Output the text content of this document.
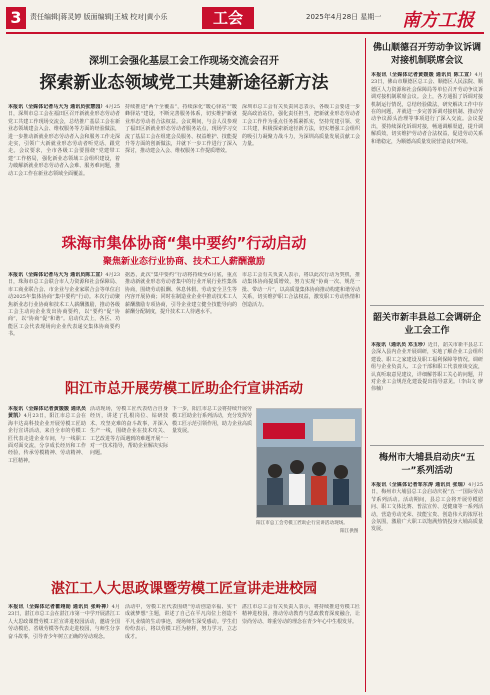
3	责任编辑|蒋灵婷 版面编辑|王城 校对|黄小乐	工会	2025年4月28日 星期一 南方工报
深圳工会强化基层工会工作现场交流会召开
探索新业态领域党工共建新途径新方法

本报讯（全媒体记者马大为 通讯员张慧园）4月25日，深圳市总工会在福田区召开新就业形态劳动者党工共建工作现场交流会，总结推广基层工会在新业态领域建会入会、维权服务等方面的经验做法，进一步推动新就业形态劳动者入会和服务工作走深走实，引领广大新就业形态劳动者听党话、跟党走。会议要求，全市各级工会要围绕“党建带工建”工作格局，强化新业态领域工会组织建设，着力破解新就业形态劳动者入会难、服务难问题，推动工会工作在新业态领域全面覆盖。

持续推进“两个全覆盖”，持续深化“暖心驿站”“暖蜂驿站”建设，不断完善服务体系，切实维护新就业形态劳动者合法权益。会议期间，与会人员参观了福田区新就业形态劳动者服务站点，现场学习交流了基层工会在组建会员服务、权益维护、技能提升等方面的创新做法，并就下一步工作进行了深入探讨，推动建会入会、维权服务工作提质增效。

深圳市总工会有关负责同志表示，各级工会要进一步提高政治站位，强化责任担当，把新就业形态劳动者工会工作作为重点任务抓紧抓实，坚持党建引领、党工共建，积极探索新途径新方法，切实增强工会组织的吸引力凝聚力战斗力，为深圳高质量发展贡献工会力量。

珠海市集体协商“集中要约”行动启动
聚焦新业态行业协商、技术工人薪酬激励

本报讯（全媒体记者马大为 通讯员陈工宣）4月23日，珠海市总工会联合市人力资源和社会保障局、市工商业联合会、市企业与企业家联合会等单位启动2025年集体协商“集中要约”行动。本次行动聚焦新业态行业协商和技术工人薪酬激励，推动各级工会主动向企业发出协商要约，以“要约”促“协商”，以“协商”促“和谐”。启动仪式上，各区、功能区工会代表现场向企业代表递交集体协商要约书。

据悉，此次“集中要约”行动将持续至6月底，重点推动新就业形态劳动者集中的行业开展行业性集体协商，围绕劳动报酬、休息休假、劳动安全卫生等内容开展协商；同时在制造业企业中推动技术工人薪酬激励专项协商，引导企业建立健全技能导向的薪酬分配制度，提升技术工人待遇水平。

市总工会有关负责人表示，将以此次行动为契机，推动集体协商提质增效，努力实现“协商一次、规范一批、带动一片”，以高质量集体协商推动构建和谐劳动关系，切实维护职工合法权益，激发职工劳动热情和创造活力。

阳江市总开展劳模工匠助企行宣讲活动

本报讯（全媒体记者黄媛媛 通讯员黄凯）4月23日，阳江市总工会在海丰达高科技企业开展劳模工匠助企行宣讲活动，来自全市的劳模工匠代表走进企业车间，与一线职工面对面交流，分享成长经历和工作经验，传承劳模精神、劳动精神、工匠精神。

活动现场，劳模工匠代表结合自身经历，讲述了扎根岗位、钻研技术、攻坚克难的奋斗故事，并深入生产一线，围绕企业在技术攻关、工艺改进等方面遇到的难题开展“一对一”技术指导，帮助企业解决实际问题。

下一步，阳江市总工会将持续开展劳模工匠助企行系列活动，充分发挥劳模工匠示范引领作用，助力企业高质量发展。

阳江市总工会劳模工匠助企行宣讲活动现场。
阳江供图
湛江工人大思政课暨劳模工匠宣讲走进校园

本报讯（全媒体记者瞿翊勋 通讯员 张岭禅）4月23日，湛江市总工会在湛江市第一中学开展湛江工人大思政课暨劳模工匠宣讲进校园活动，邀请全国劳动模范、省级劳模等代表走进校园，与师生分享奋斗故事，引导青少年树立正确的劳动观念。

活动中，劳模工匠代表围绕“劳动创造幸福、实干成就梦想”主题，讲述了自己在平凡岗位上创造不平凡业绩的生动事迹，现场师生深受感动。学生们纷纷表示，将以劳模工匠为榜样，努力学习，立志成才。

湛江市总工会有关负责人表示，将持续推进劳模工匠精神进校园，推动劳动教育与思政教育深度融合，让崇尚劳动、尊重劳动的理念在青少年心中生根发芽。

佛山顺德召开劳动争议诉调对接机制联席会议

本报讯（全媒体记者黄媛媛 通讯员 陈工宣）4月23日，佛山市顺德区总工会、顺德区人民法院、顺德区人力资源和社会保障局等单位召开劳动争议诉调对接机制联席会议。会上，各方通报了诉调对接机制运行情况，总结经验做法，研究解决工作中存在的问题，并就进一步完善诉调对接机制、推动劳动争议源头治理等事项进行了深入交流。会议提出，要持续深化诉调对接，畅通调解渠道，提升调解质效，切实维护劳动者合法权益，促进劳动关系和谐稳定，为顺德高质量发展营造良好环境。

韶关市新丰县总工会调研企业工会工作

本报讯（通讯员 邓玉珍）近日，韶关市新丰县总工会深入县内企业开展调研，实地了解企业工会组织建设、职工之家建设及职工福利保障等情况。调研组与企业负责人、工会干部和职工代表座谈交流，认真听取意见建议，详细解答职工关心的问题，并对企业工会规范化建设提出指导意见。（李由文 廖伟楠）

梅州市大埔县启动庆“五一”系列活动

本报讯（全媒体记者邹东涛 通讯员 张瑞）4月25日，梅州市大埔县总工会启动庆祝“五一”国际劳动节系列活动。活动期间，县总工会将开展劳模慰问、职工文体比赛、普法宣传、送健康等一系列活动，营造劳动光荣、技能宝贵、创造伟大的浓厚社会氛围，激励广大职工以饱满热情投身大埔高质量发展。
